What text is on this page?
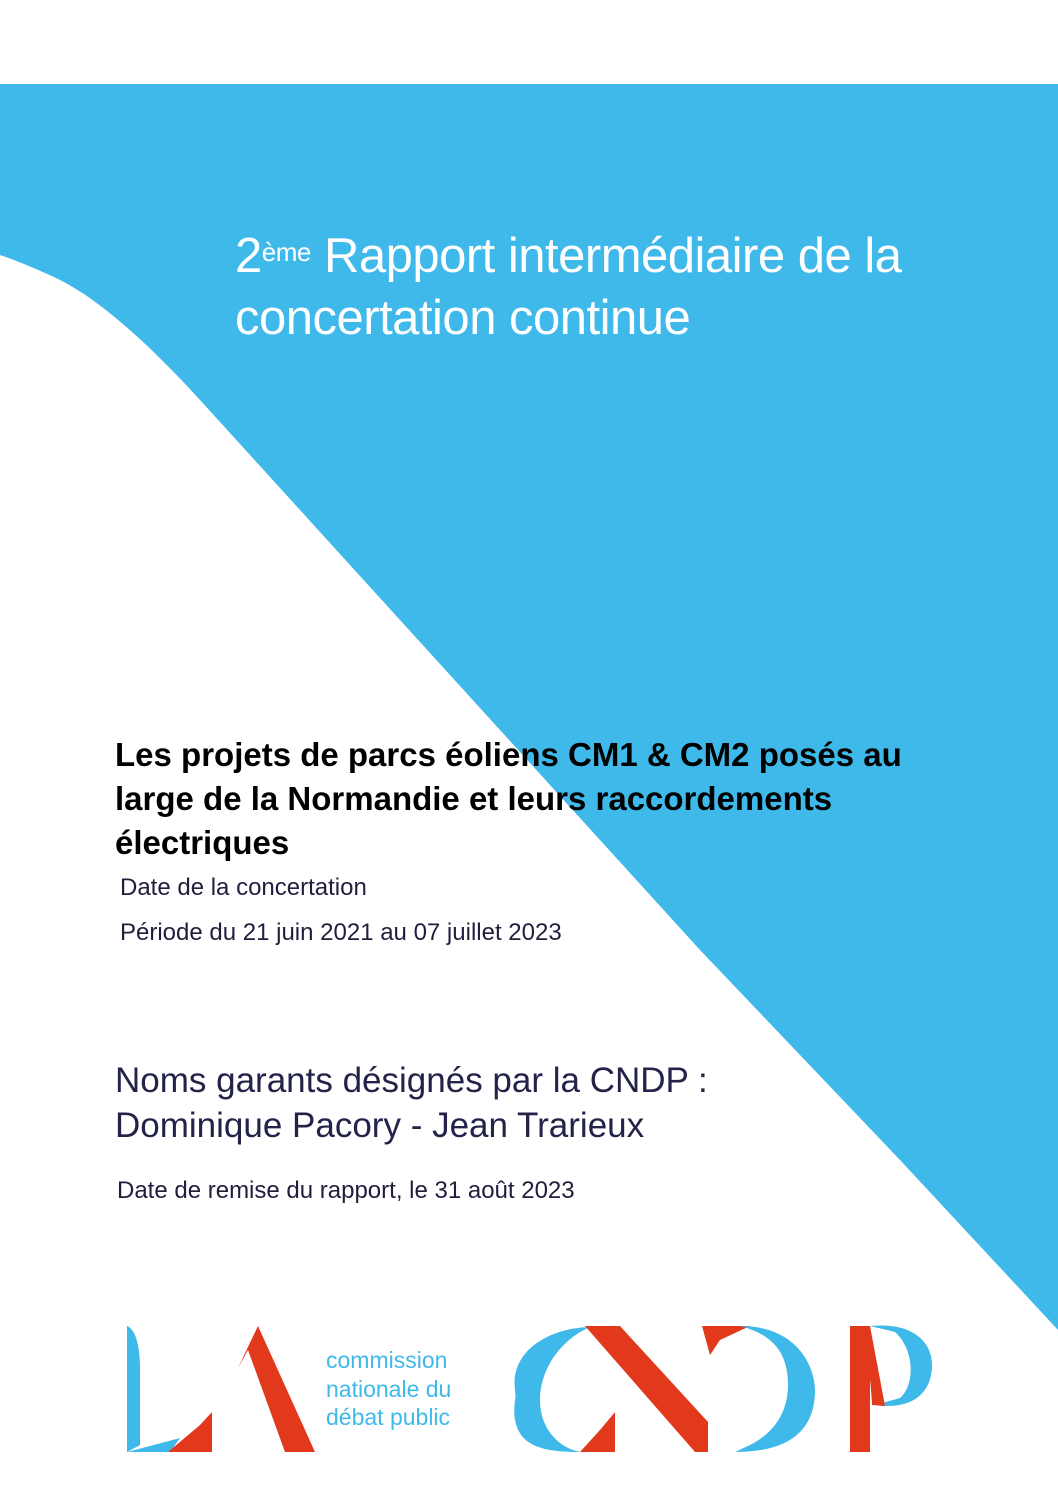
2ème Rapport intermédiaire de la
concertation continue
Les projets de parcs éoliens CM1 & CM2 posés au large de la Normandie et leurs raccordements électriques
Date de la concertation
Période du 21 juin 2021 au 07 juillet 2023
Noms garants désignés par la CNDP :
Dominique Pacory - Jean Trarieux
Date de remise du rapport, le 31 août 2023
commission
nationale du
débat public
